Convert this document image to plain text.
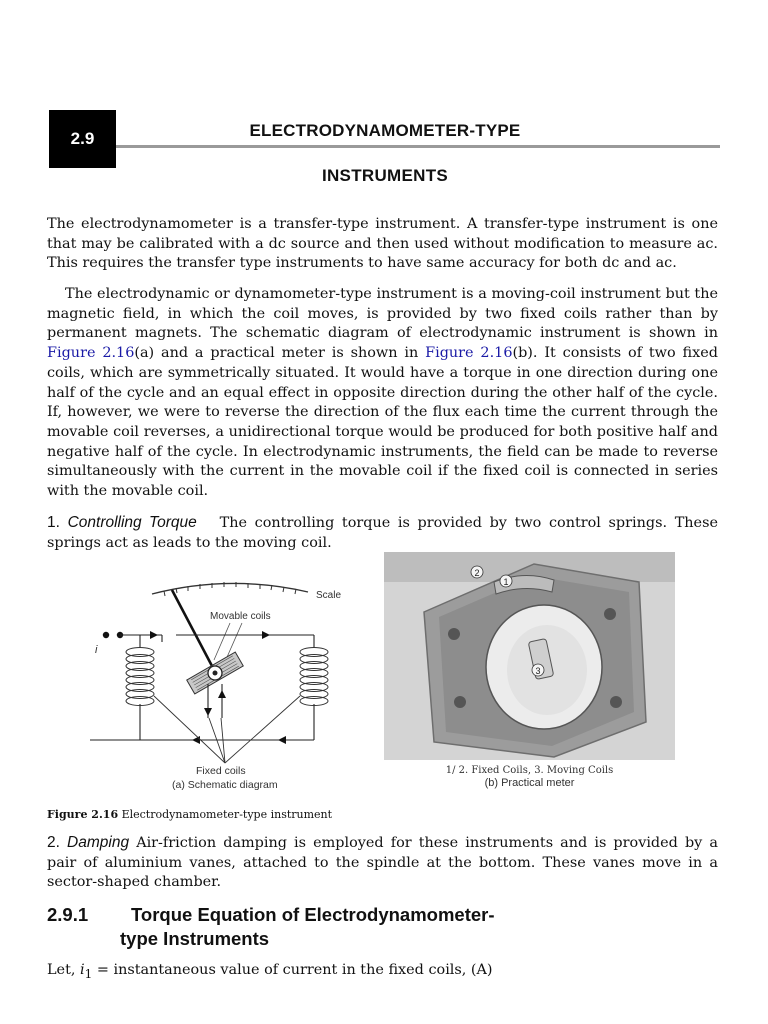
2.9	ELECTRODYNAMOMETER-TYPE
INSTRUMENTS

The electrodynamometer is a transfer-type instrument. A transfer-type instrument is one that may be calibrated with a dc source and then used without modification to measure ac. This requires the transfer type instruments to have same accuracy for both dc and ac.

The electrodynamic or dynamometer-type instrument is a moving-coil instrument but the magnetic field, in which the coil moves, is provided by two fixed coils rather than by permanent magnets. The schematic diagram of electrodynamic instrument is shown in Figure 2.16(a) and a practical meter is shown in Figure 2.16(b). It consists of two fixed coils, which are symmetrically situated. It would have a torque in one direction during one half of the cycle and an equal effect in opposite direction during the other half of the cycle. If, however, we were to reverse the direction of the flux each time the current through the movable coil reverses, a unidirectional torque would be produced for both positive half and negative half of the cycle. In electrodynamic instruments, the field can be made to reverse simultaneously with the current in the movable coil if the fixed coil is connected in series with the movable coil.

1. Controlling Torque The controlling torque is provided by two control springs. These springs act as leads to the moving coil.

Scale
Movable coils
i
Fixed coils
(a) Schematic diagram
2
1
3
1/ 2. Fixed Coils, 3. Moving Coils
(b) Practical meter
Figure 2.16 Electrodynamometer-type instrument

2. Damping Air-friction damping is employed for these instruments and is provided by a pair of aluminium vanes, attached to the spindle at the bottom. These vanes move in a sector-shaped chamber.

2.9.1 Torque Equation of Electrodynamometer-
type Instruments

Let, $i_1$ = instantaneous value of current in the fixed coils, (A)
